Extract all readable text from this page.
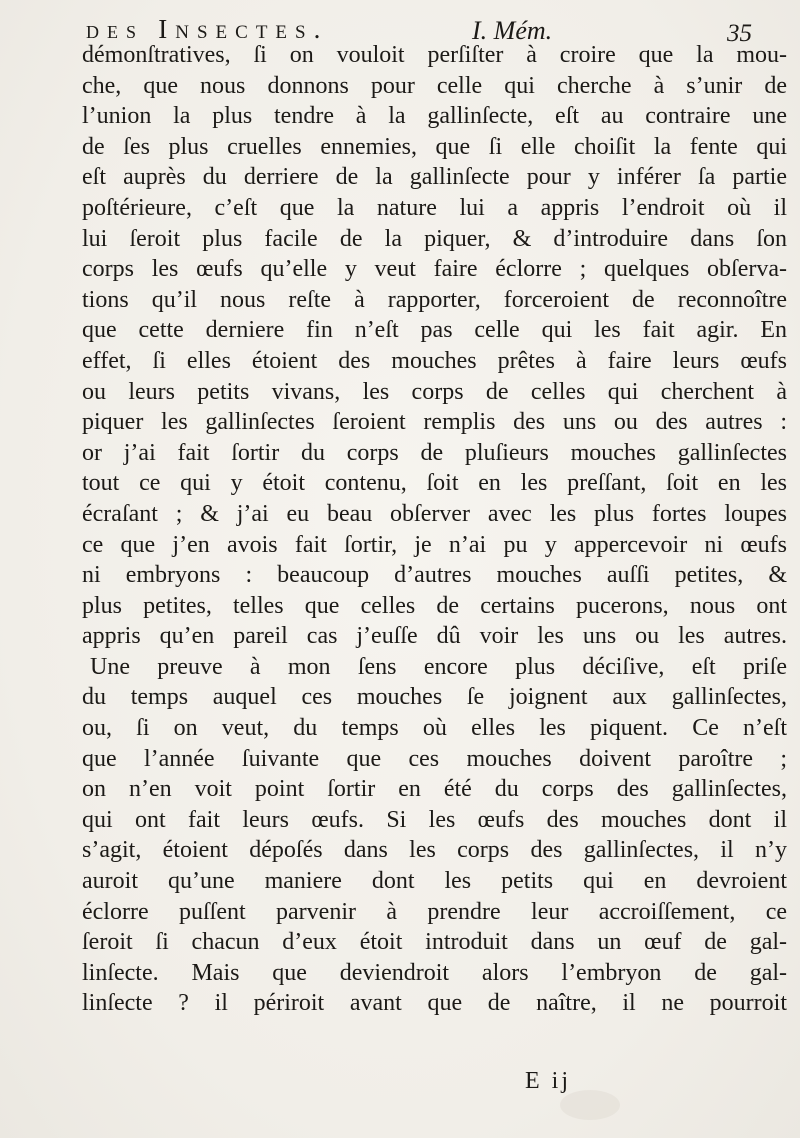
des Insectes.	I. Mém.	35
démonſtratives, ſi on vouloit perſiſter à croire que la mou-
che, que nous donnons pour celle qui cherche à s’unir de
l’union la plus tendre à la gallinſecte, eſt au contraire une
de ſes plus cruelles ennemies, que ſi elle choiſit la fente qui
eſt auprès du derriere de la gallinſecte pour y inférer ſa partie
poſtérieure, c’eſt que la nature lui a appris l’endroit où il
lui ſeroit plus facile de la piquer, & d’introduire dans ſon
corps les œufs qu’elle y veut faire éclorre ; quelques obſerva-
tions qu’il nous reſte à rapporter, forceroient de reconnoître
que cette derniere fin n’eſt pas celle qui les fait agir. En
effet, ſi elles étoient des mouches prêtes à faire leurs œufs
ou leurs petits vivans, les corps de celles qui cherchent à
piquer les gallinſectes ſeroient remplis des uns ou des autres :
or j’ai fait ſortir du corps de pluſieurs mouches gallinſectes
tout ce qui y étoit contenu, ſoit en les preſſant, ſoit en les
écraſant ; & j’ai eu beau obſerver avec les plus fortes loupes
ce que j’en avois fait ſortir, je n’ai pu y appercevoir ni œufs
ni embryons : beaucoup d’autres mouches auſſi petites, &
plus petites, telles que celles de certains pucerons, nous ont
appris qu’en pareil cas j’euſſe dû voir les uns ou les autres.
Une preuve à mon ſens encore plus déciſive, eſt priſe
du temps auquel ces mouches ſe joignent aux gallinſectes,
ou, ſi on veut, du temps où elles les piquent. Ce n’eſt
que l’année ſuivante que ces mouches doivent paroître ;
on n’en voit point ſortir en été du corps des gallinſectes,
qui ont fait leurs œufs. Si les œufs des mouches dont il
s’agit, étoient dépoſés dans les corps des gallinſectes, il n’y
auroit qu’une maniere dont les petits qui en devroient
éclorre puſſent parvenir à prendre leur accroiſſement, ce
ſeroit ſi chacun d’eux étoit introduit dans un œuf de gal-
linſecte. Mais que deviendroit alors l’embryon de gal-
linſecte ? il périroit avant que de naître, il ne pourroit
E ij
